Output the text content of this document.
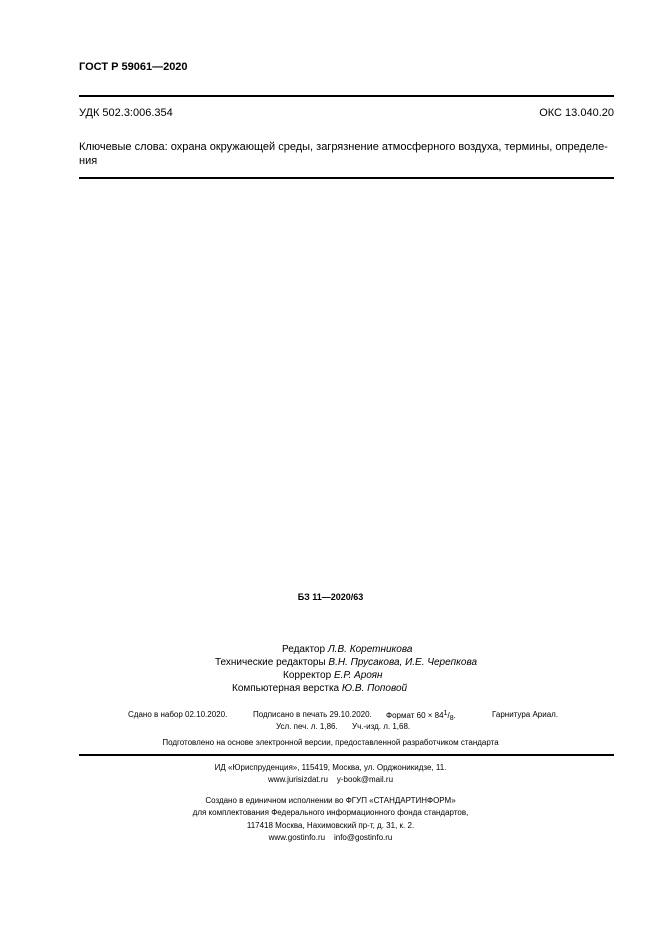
ГОСТ Р 59061—2020
УДК 502.3:006.354	ОКС 13.040.20
Ключевые слова: охрана окружающей среды, загрязнение атмосферного воздуха, термины, определе-
ния
БЗ 11—2020/63
Редактор Л.В. Коретникова
Технические редакторы В.Н. Прусакова, И.Е. Черепкова
Корректор Е.Р. Ароян
Компьютерная верстка Ю.В. Поповой
Сдано в набор 02.10.2020.	Подписано в печать 29.10.2020. Формат $60 \times 84^1/_8$.	Гарнитура Ариал.
Усл. печ. л. 1,86. Уч.-изд. л. 1,68.
Подготовлено на основе электронной версии, предоставленной разработчиком стандарта
ИД «Юриспруденция», 115419, Москва, ул. Орджоникидзе, 11.
www.jurisizdat.ru    y-book@mail.ru
Создано в единичном исполнении во ФГУП «СТАНДАРТИНФОРМ»
для комплектования Федерального информационного фонда стандартов,
117418 Москва, Нахимовский пр-т, д. 31, к. 2.
www.gostinfo.ru    info@gostinfo.ru
